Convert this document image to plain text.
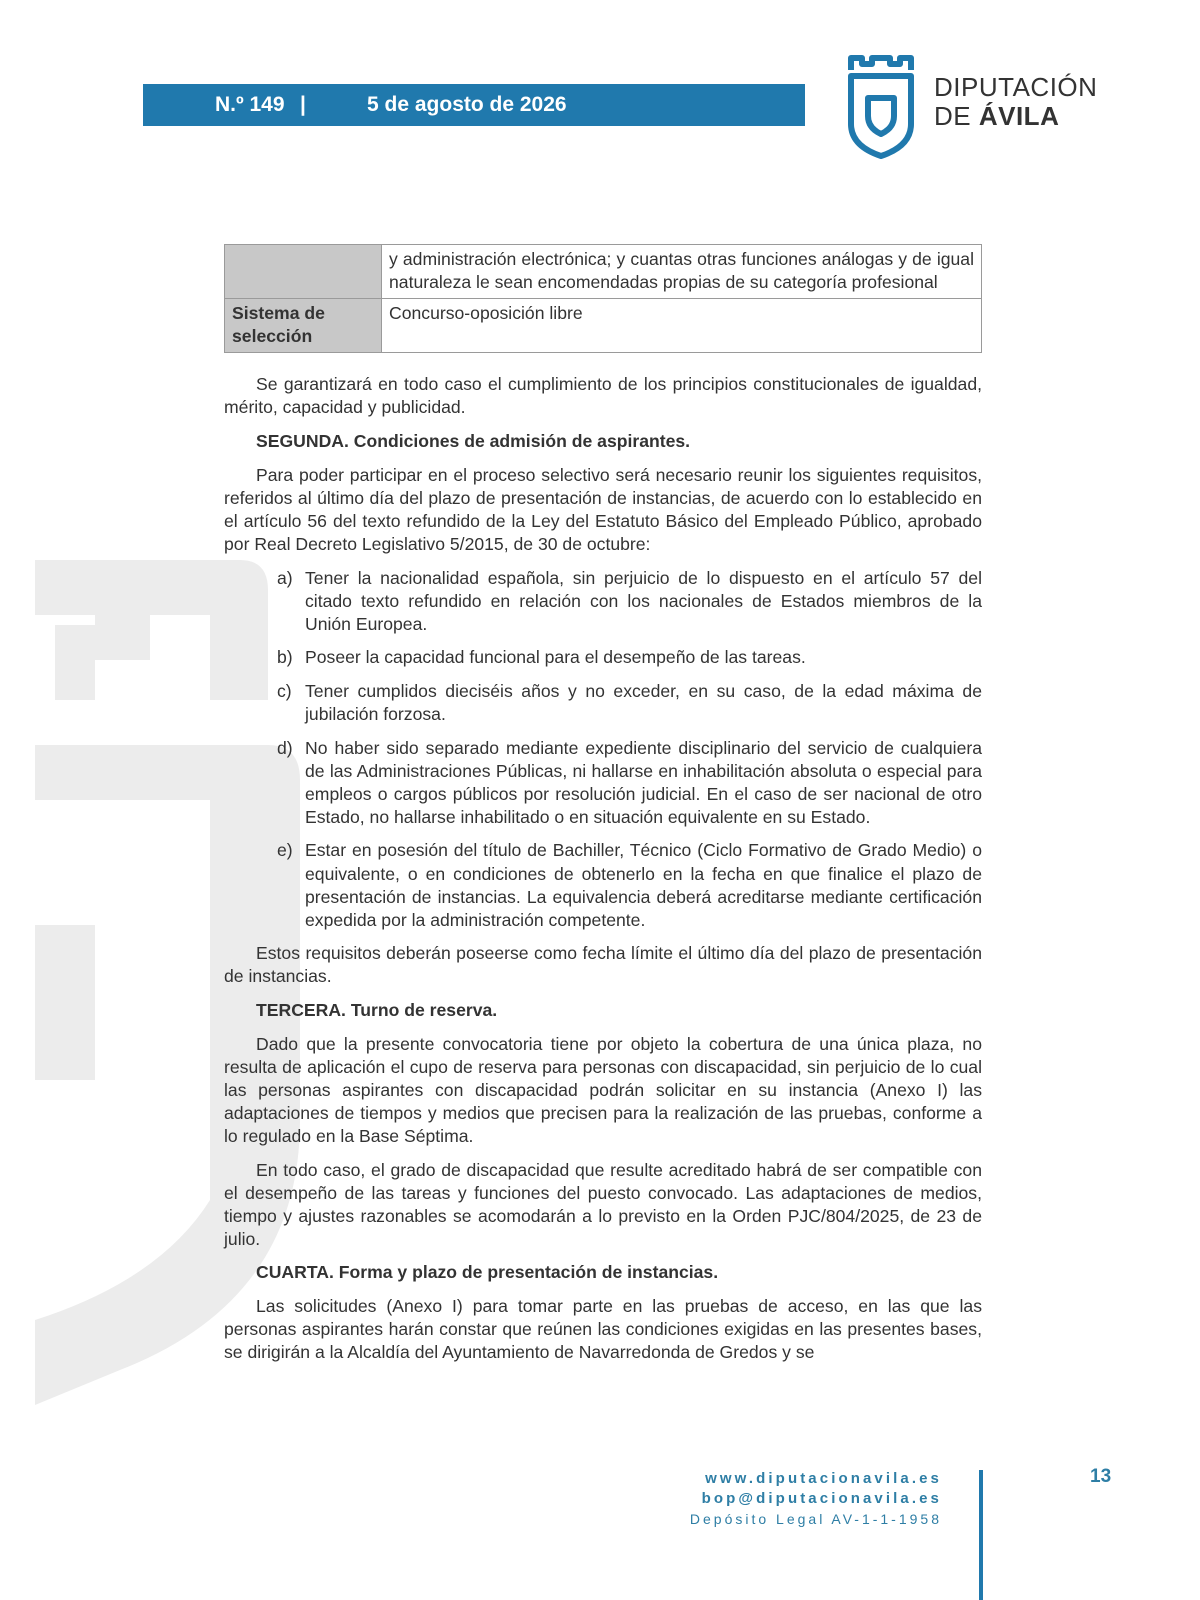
N.º 149 |	5 de agosto de 2026
DIPUTACIÓN
DE ÁVILA
	y administración electrónica; y cuantas otras funciones análogas y de igual naturaleza le sean encomendadas propias de su categoría profesional
Sistema de selección	Concurso-oposición libre

Se garantizará en todo caso el cumplimiento de los principios constitucionales de igualdad, mérito, capacidad y publicidad.

SEGUNDA. Condiciones de admisión de aspirantes.

Para poder participar en el proceso selectivo será necesario reunir los siguientes requisitos, referidos al último día del plazo de presentación de instancias, de acuerdo con lo establecido en el artículo 56 del texto refundido de la Ley del Estatuto Básico del Empleado Público, aprobado por Real Decreto Legislativo 5/2015, de 30 de octubre:

a) Tener la nacionalidad española, sin perjuicio de lo dispuesto en el artículo 57 del citado texto refundido en relación con los nacionales de Estados miembros de la Unión Europea.
b) Poseer la capacidad funcional para el desempeño de las tareas.
c) Tener cumplidos dieciséis años y no exceder, en su caso, de la edad máxima de jubilación forzosa.
d) No haber sido separado mediante expediente disciplinario del servicio de cualquiera de las Administraciones Públicas, ni hallarse en inhabilitación absoluta o especial para empleos o cargos públicos por resolución judicial. En el caso de ser nacional de otro Estado, no hallarse inhabilitado o en situación equivalente en su Estado.
e) Estar en posesión del título de Bachiller, Técnico (Ciclo Formativo de Grado Medio) o equivalente, o en condiciones de obtenerlo en la fecha en que finalice el plazo de presentación de instancias. La equivalencia deberá acreditarse mediante certificación expedida por la administración competente.

Estos requisitos deberán poseerse como fecha límite el último día del plazo de presentación de instancias.

TERCERA. Turno de reserva.

Dado que la presente convocatoria tiene por objeto la cobertura de una única plaza, no resulta de aplicación el cupo de reserva para personas con discapacidad, sin perjuicio de lo cual las personas aspirantes con discapacidad podrán solicitar en su instancia (Anexo I) las adaptaciones de tiempos y medios que precisen para la realización de las pruebas, conforme a lo regulado en la Base Séptima.

En todo caso, el grado de discapacidad que resulte acreditado habrá de ser compatible con el desempeño de las tareas y funciones del puesto convocado. Las adaptaciones de medios, tiempo y ajustes razonables se acomodarán a lo previsto en la Orden PJC/804/2025, de 23 de julio.

CUARTA. Forma y plazo de presentación de instancias.

Las solicitudes (Anexo I) para tomar parte en las pruebas de acceso, en las que las personas aspirantes harán constar que reúnen las condiciones exigidas en las presentes bases, se dirigirán a la Alcaldía del Ayuntamiento de Navarredonda de Gredos y se

www.diputacionavila.es
bop@diputacionavila.es
Depósito Legal AV-1-1-1958
13
